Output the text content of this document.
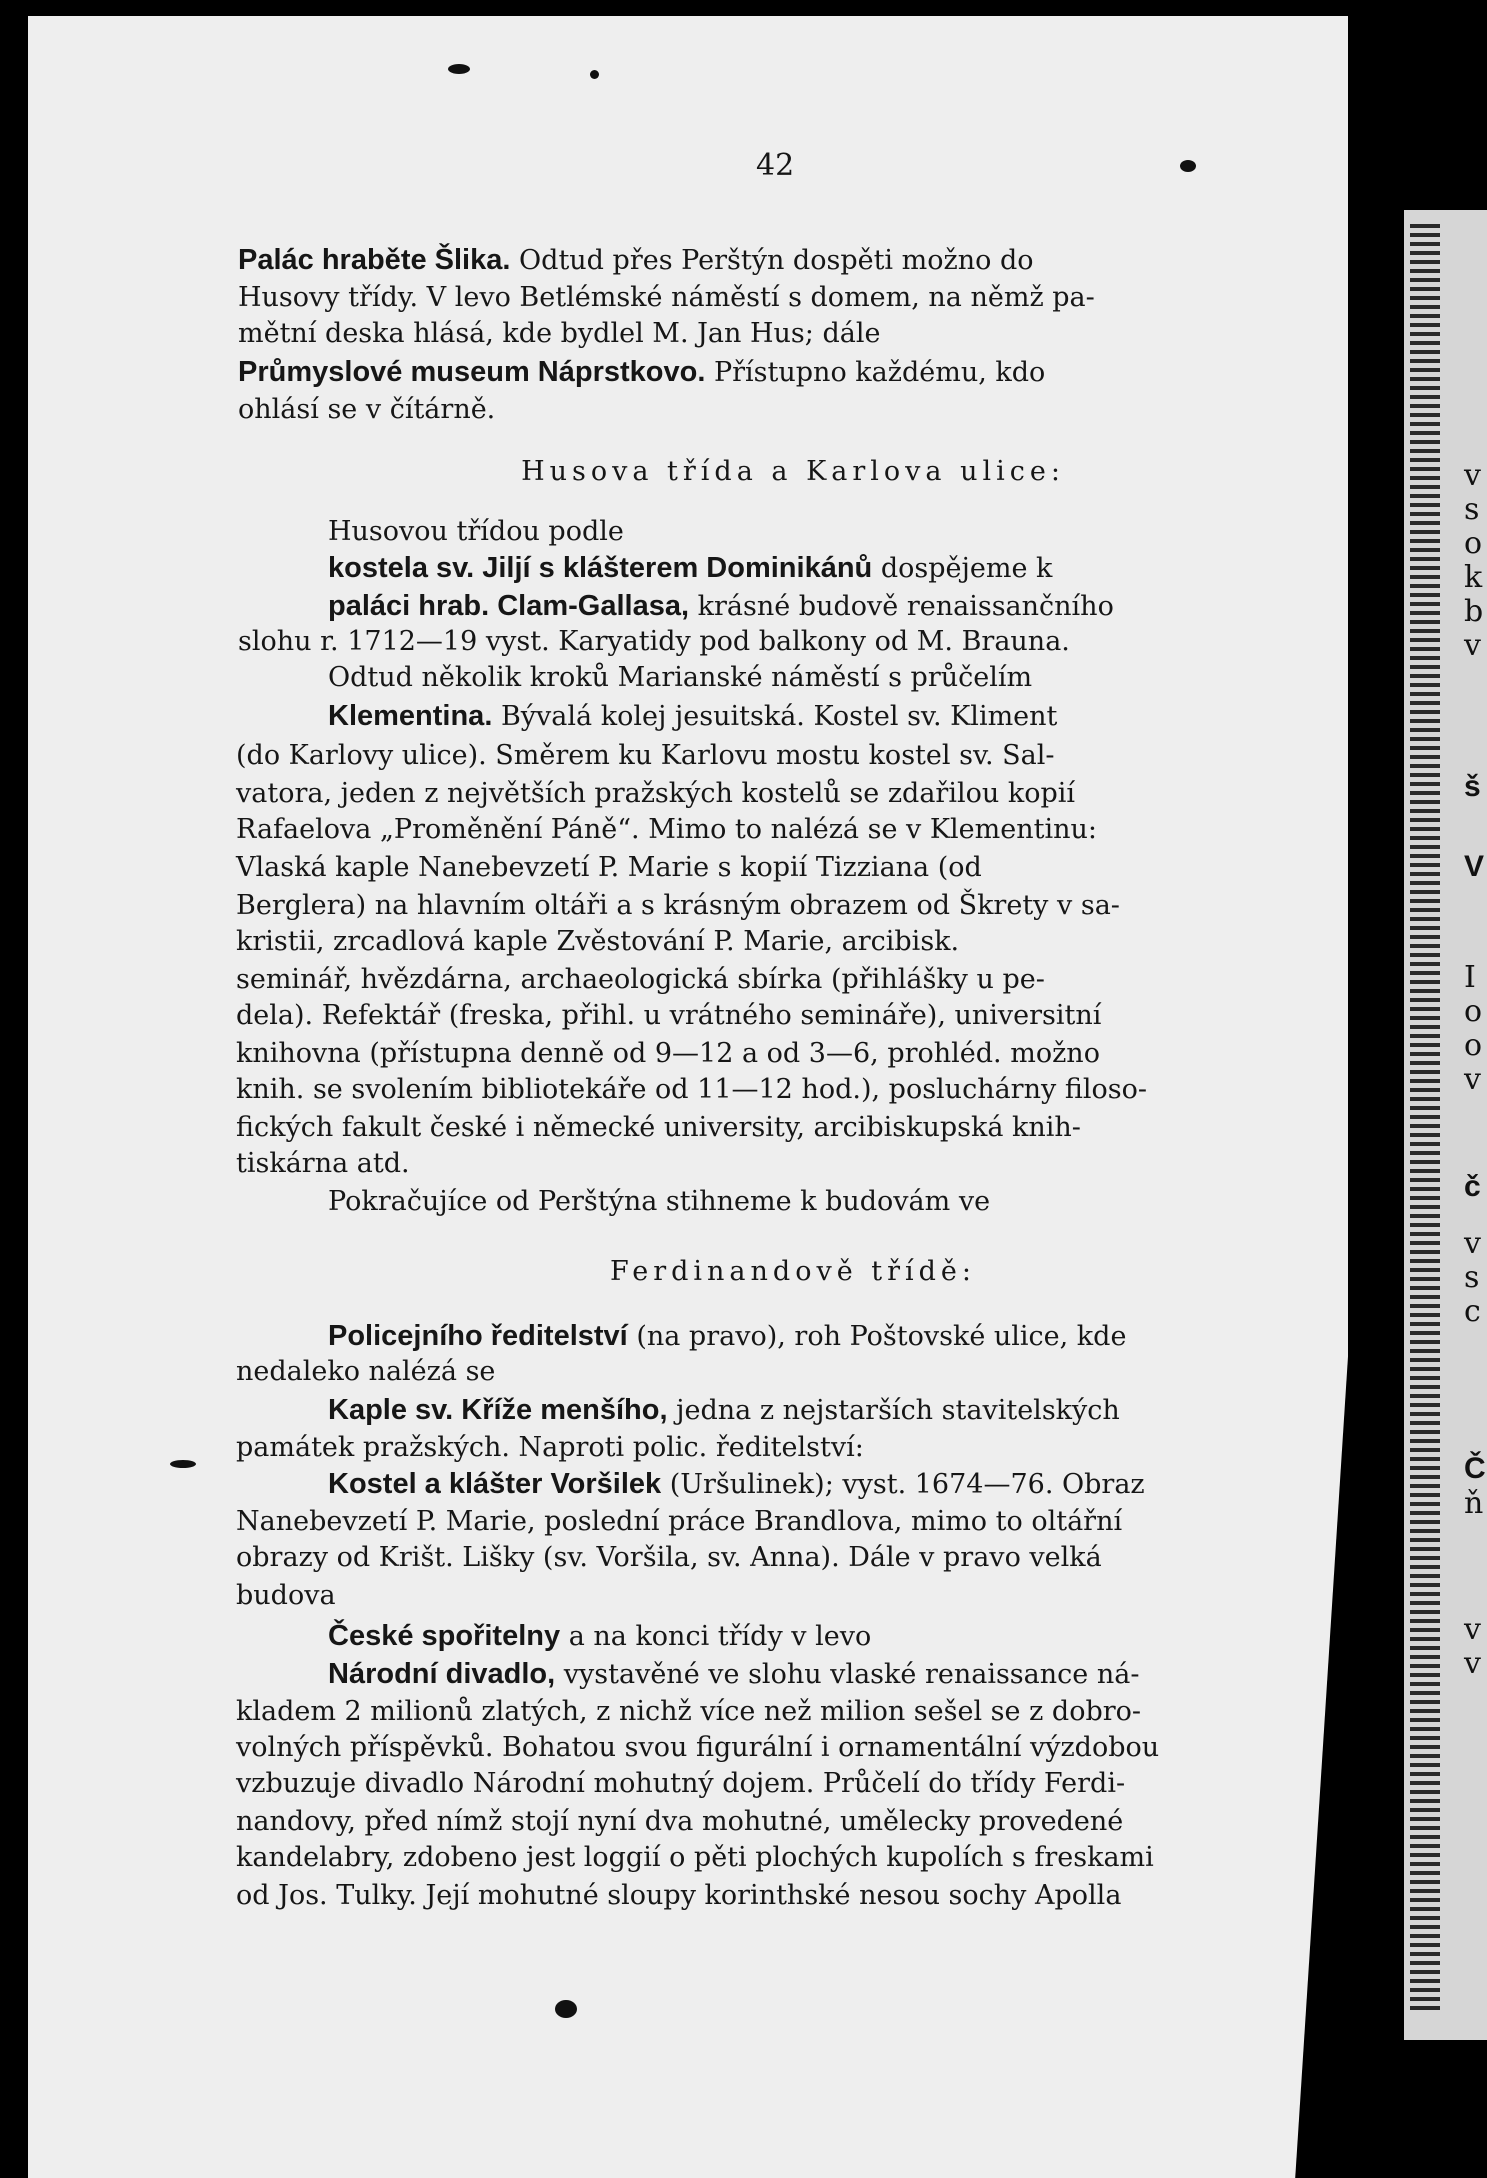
42
Palác hraběte Šlika. Odtud přes Perštýn dospěti možno do
Husovy třídy. V levo Betlémské náměstí s domem, na němž pa-
mětní deska hlásá, kde bydlel M. Jan Hus; dále
Průmyslové museum Náprstkovo. Přístupno každému, kdo
ohlásí se v čítárně.
Husova třída a Karlova ulice:
Husovou třídou podle
kostela sv. Jiljí s klášterem Dominikánů dospějeme k
paláci hrab. Clam-Gallasa, krásné budově renaissančního
slohu r. 1712—19 vyst. Karyatidy pod balkony od M. Brauna.
Odtud několik kroků Marianské náměstí s průčelím
Klementina. Bývalá kolej jesuitská. Kostel sv. Kliment
(do Karlovy ulice). Směrem ku Karlovu mostu kostel sv. Sal-
vatora, jeden z největších pražských kostelů se zdařilou kopií
Rafaelova „Proměnění Páně“. Mimo to nalézá se v Klementinu:
Vlaská kaple Nanebevzetí P. Marie s kopií Tizziana (od
Berglera) na hlavním oltáři a s krásným obrazem od Škrety v sa-
kristii, zrcadlová kaple Zvěstování P. Marie, arcibisk.
seminář, hvězdárna, archaeologická sbírka (přihlášky u pe-
dela). Refektář (freska, přihl. u vrátného semináře), universitní
knihovna (přístupna denně od 9—12 a od 3—6, prohléd. možno
knih. se svolením bibliotekáře od 11—12 hod.), posluchárny filoso-
fických fakult české i německé university, arcibiskupská knih-
tiskárna atd.
Pokračujíce od Perštýna stihneme k budovám ve
Ferdinandově třídě:
Policejního ředitelství (na pravo), roh Poštovské ulice, kde
nedaleko nalézá se
Kaple sv. Kříže menšího, jedna z nejstarších stavitelských
památek pražských. Naproti polic. ředitelství:
Kostel a klášter Voršilek (Uršulinek); vyst. 1674—76. Obraz
Nanebevzetí P. Marie, poslední práce Brandlova, mimo to oltářní
obrazy od Krišt. Lišky (sv. Voršila, sv. Anna). Dále v pravo velká
budova
České spořitelny a na konci třídy v levo
Národní divadlo, vystavěné ve slohu vlaské renaissance ná-
kladem 2 milionů zlatých, z nichž více než milion sešel se z dobro-
volných příspěvků. Bohatou svou figurální i ornamentální výzdobou
vzbuzuje divadlo Národní mohutný dojem. Průčelí do třídy Ferdi-
nandovy, před nímž stojí nyní dva mohutné, umělecky provedené
kandelabry, zdobeno jest loggií o pěti plochých kupolích s freskami
od Jos. Tulky. Její mohutné sloupy korinthské nesou sochy Apolla
v
s
o
k
b
v
š
V
I
o
o
v
č
v
s
c
Č
ň
v
v
